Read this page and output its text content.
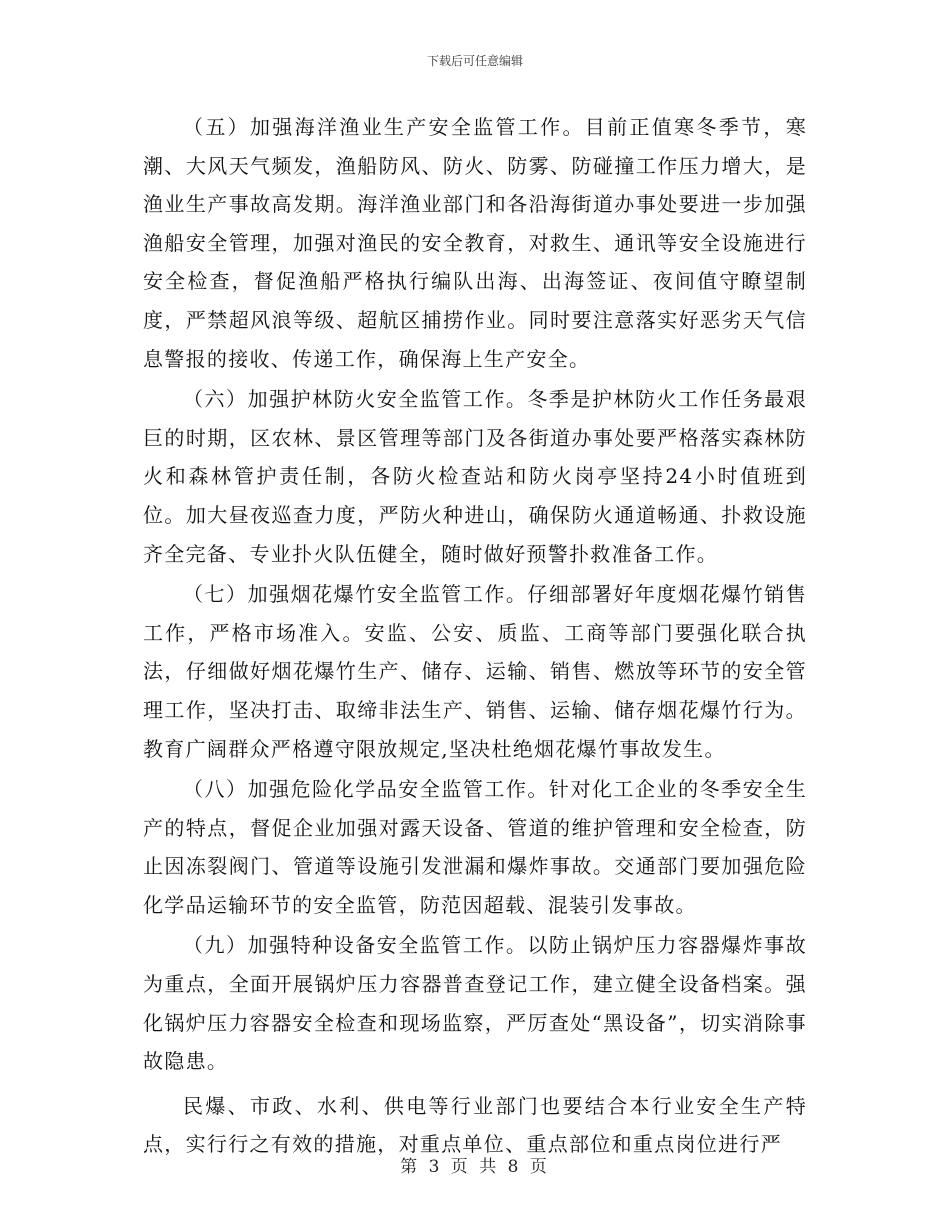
下载后可任意编辑

（五）加强海洋渔业生产安全监管工作。目前正值寒冬季节，寒潮、大风天气频发，渔船防风、防火、防雾、防碰撞工作压力增大，是渔业生产事故高发期。海洋渔业部门和各沿海街道办事处要进一步加强渔船安全管理，加强对渔民的安全教育，对救生、通讯等安全设施进行安全检查，督促渔船严格执行编队出海、出海签证、夜间值守瞭望制度，严禁超风浪等级、超航区捕捞作业。同时要注意落实好恶劣天气信息警报的接收、传递工作，确保海上生产安全。

（六）加强护林防火安全监管工作。冬季是护林防火工作任务最艰巨的时期，区农林、景区管理等部门及各街道办事处要严格落实森林防火和森林管护责任制，各防火检查站和防火岗亭坚持24小时值班到位。加大昼夜巡查力度，严防火种进山，确保防火通道畅通、扑救设施齐全完备、专业扑火队伍健全，随时做好预警扑救准备工作。

（七）加强烟花爆竹安全监管工作。仔细部署好年度烟花爆竹销售工作，严格市场准入。安监、公安、质监、工商等部门要强化联合执法，仔细做好烟花爆竹生产、储存、运输、销售、燃放等环节的安全管理工作，坚决打击、取缔非法生产、销售、运输、储存烟花爆竹行为。教育广阔群众严格遵守限放规定,坚决杜绝烟花爆竹事故发生。

（八）加强危险化学品安全监管工作。针对化工企业的冬季安全生产的特点，督促企业加强对露天设备、管道的维护管理和安全检查，防止因冻裂阀门、管道等设施引发泄漏和爆炸事故。交通部门要加强危险化学品运输环节的安全监管，防范因超载、混装引发事故。

（九）加强特种设备安全监管工作。以防止锅炉压力容器爆炸事故为重点，全面开展锅炉压力容器普查登记工作，建立健全设备档案。强化锅炉压力容器安全检查和现场监察，严厉查处“黑设备”，切实消除事故隐患。

民爆、市政、水利、供电等行业部门也要结合本行业安全生产特点，实行行之有效的措施，对重点单位、重点部位和重点岗位进行严

第 3 页 共 8 页
